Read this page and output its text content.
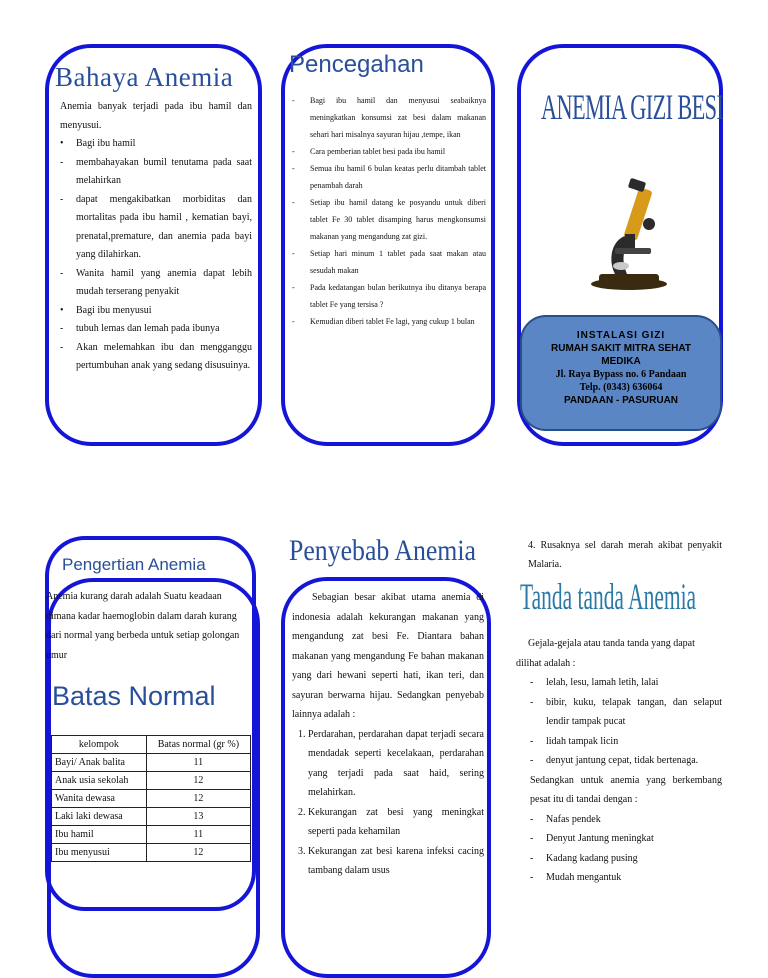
Bahaya Anemia

Anemia banyak terjadi pada ibu hamil dan menyusui.

• Bagi ibu hamil
- membahayakan bumil tenutama pada saat melahirkan
- dapat mengakibatkan morbiditas dan mortalitas pada ibu hamil , kematian bayi, prenatal,premature, dan anemia pada bayi yang dilahirkan.
- Wanita hamil yang anemia dapat lebih mudah terserang penyakit
• Bagi ibu menyusui
- tubuh lemas dan lemah pada ibunya
- Akan melemahkan ibu dan mengganggu pertumbuhan anak yang sedang disusuinya.
Pencegahan
- Bagi ibu hamil dan menyusui seabaiknya meningkatkan konsumsi zat besi dalam makanan sehari hari misalnya sayuran hijau ,tempe, ikan
- Cara pemberian tablet besi pada ibu hamil
- Semua ibu hamil 6 bulan keatas perlu ditambah tablet penambah darah
- Setiap ibu hamil datang ke posyandu untuk diberi tablet Fe 30 tablet disamping harus mengkonsumsi makanan yang mengandung zat gizi.
- Setiap hari minum 1 tablet pada saat makan atau sesudah makan
- Pada kedatangan bulan berikutnya ibu ditanya berapa tablet Fe yang tersisa ?
- Kemudian diberi tablet Fe lagi, yang cukup 1 bulan
ANEMIA GIZI BESI
INSTALASI GIZI
RUMAH SAKIT MITRA SEHAT
MEDIKA
Jl. Raya Bypass no. 6 Pandaan
Telp. (0343) 636064
PANDAAN - PASURUAN
Pengertian Anemia

Anemia kurang darah adalah Suatu keadaan dimana kadar haemoglobin dalam darah kurang dari normal yang berbeda untuk setiap golongan umur

Batas Normal
kelompok	Batas normal (gr %)
Bayi/ Anak balita	11
Anak usia sekolah	12
Wanita dewasa	12
Laki laki dewasa	13
Ibu hamil	11
Ibu menyusui	12
Penyebab Anemia

Sebagian besar akibat utama anemia di indonesia adalah kekurangan makanan yang mengandung zat besi Fe. Diantara bahan makanan yang mengandung Fe bahan makanan yang dari hewani seperti hati, ikan teri, dan sayuran berwarna hijau. Sedangkan penyebab lainnya adalah :

1. Perdarahan, perdarahan dapat terjadi secara mendadak seperti kecelakaan, perdarahan yang terjadi pada saat haid, sering melahirkan.
2. Kekurangan zat besi yang meningkat seperti pada kehamilan
3. Kekurangan zat besi karena infeksi cacing tambang dalam usus

4. Rusaknya sel darah merah akibat penyakit Malaria.

Tanda tanda Anemia

Gejala-gejala atau tanda tanda yang dapat dilihat adalah :

- lelah, lesu, lamah letih, lalai
- bibir, kuku, telapak tangan, dan selaput lendir tampak pucat
- lidah tampak licin
- denyut jantung cepat, tidak bertenaga.

Sedangkan untuk anemia yang berkembang pesat itu di tandai dengan :

- Nafas pendek
- Denyut Jantung meningkat
- Kadang kadang pusing
- Mudah mengantuk
